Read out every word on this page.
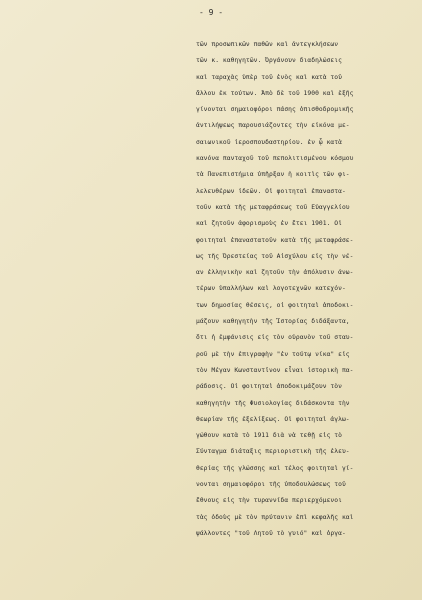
- 9 -
τῶν προσωπικῶν παθῶν καὶ ἀντεγκλήσεων
τῶν κ. καθηγητῶν. Ὀργάνουν διαδηλώσεις
καὶ ταραχὰς ὑπὲρ τοῦ ἑνὸς καὶ κατὰ τοῦ
ἄλλου ἐκ τούτων. Ἀπὸ δὲ τοῦ 1900 καὶ ἑξῆς
γίνονται σημαιοφόροι πάσης ὀπισθοδρομικῆς
ἀντιλήψεως παρουσιάζοντες τὴν εἰκόνα με-
σαιωνικοῦ ἱεροσπουδαστηρίου. ἐν ᾧ κατὰ
κανόνα πανταχοῦ τοῦ πεπολιτισμένου κόσμου
τὰ Πανεπιστήμια ὑπῆρξαν ἡ κοιτὶς τῶν φι-
λελευθέρων ἰδεῶν. Οἱ φοιτηταὶ ἐπαναστα-
τοῦν κατὰ τῆς μεταφράσεως τοῦ Εὐαγγελίου
καὶ ζητοῦν ἀφορισμοὺς ἐν ἔτει 1901. Οἱ
φοιτηταὶ ἐπαναστατοῦν κατὰ τῆς μεταφράσε-
ως τῆς Ὀρεστείας τοῦ Αἰσχύλου εἰς τὴν νέ-
αν ἑλληνικὴν καὶ ζητοῦν τὴν ἀπόλυσιν ἀνω-
τέρων ὑπαλλήλων καὶ λογοτεχνῶν κατεχόν-
των δημοσίας θέσεις, οἱ φοιτηταὶ ἀποδοκι-
μάζουν καθηγητὴν τῆς Ἱστορίας διδάξαντα,
ὅτι ἡ ἐμφάνισις εἰς τὸν οὐρανὸν τοῦ σταυ-
ροῦ μὲ τὴν ἐπιγραφὴν "ἐν τούτῳ νίκα" εἰς
τὸν Μέγαν Κωνσταντῖνον εἶναι ἱστορικὴ πα-
ράδοσις. Οἱ φοιτηταὶ ἀποδοκιμάζουν τὸν
καθηγητὴν τῆς Φυσιολογίας διδάσκοντα τὴν
θεωρίαν τῆς ἐξελίξεως. Οἱ φοιτηταὶ ἀγλω-
γώθουν κατὰ τὸ 1911 διὰ νὰ τεθῇ εἰς τὸ
Σύνταγμα διάταξις περιοριστικὴ τῆς ἐλευ-
θερίας τῆς γλώσσης καὶ τέλος φοιτηταὶ γί-
νονται σημαιοφόροι τῆς ὑποδουλώσεως τοῦ
ἔθνους εἰς τὴν τυραννίδα περιερχόμενοι
τὰς ὁδοὺς μὲ τὸν πρύτανιν ἐπὶ κεφαλῆς καὶ
ψάλλοντες "τοῦ Λητοῦ τὸ γυιό" καὶ ὀργα-
